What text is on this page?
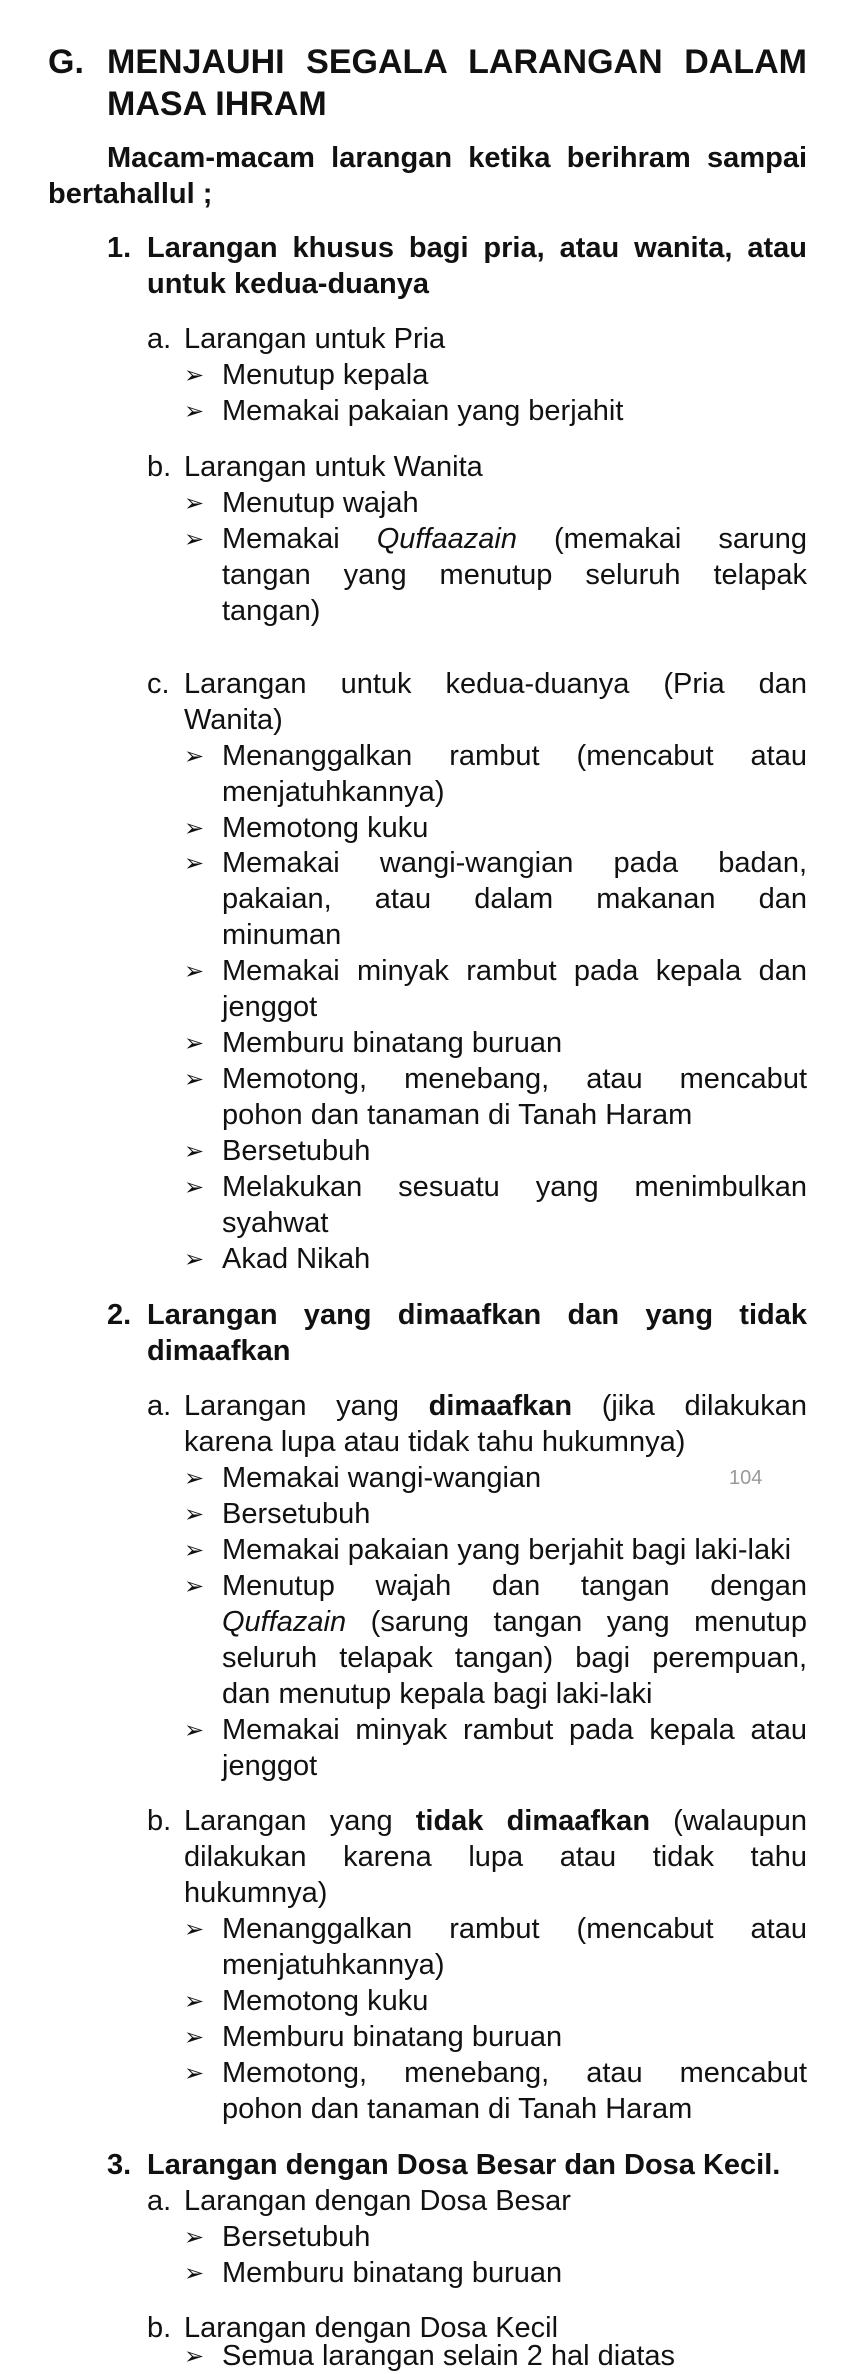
G. MENJAUHI SEGALA LARANGAN DALAM
MASA IHRAM
Macam-macam larangan ketika berihram sampai
bertahallul ;
1. Larangan khusus bagi pria, atau wanita, atau
untuk kedua-duanya
a. Larangan untuk Pria
➢ Menutup kepala
➢ Memakai pakaian yang berjahit
b. Larangan untuk Wanita
➢ Menutup wajah
➢ Memakai Quffaazain (memakai sarung
tangan yang menutup seluruh telapak
tangan)
c. Larangan untuk kedua-duanya (Pria dan
Wanita)
➢ Menanggalkan rambut (mencabut atau
menjatuhkannya)
➢ Memotong kuku
➢ Memakai wangi-wangian pada badan,
pakaian, atau dalam makanan dan
minuman
➢ Memakai minyak rambut pada kepala dan
jenggot
➢ Memburu binatang buruan
➢ Memotong, menebang, atau mencabut
pohon dan tanaman di Tanah Haram
➢ Bersetubuh
➢ Melakukan sesuatu yang menimbulkan
syahwat
➢ Akad Nikah
2. Larangan yang dimaafkan dan yang tidak
dimaafkan
a. Larangan yang dimaafkan (jika dilakukan
karena lupa atau tidak tahu hukumnya)
➢ Memakai wangi-wangian	104
➢ Bersetubuh
➢ Memakai pakaian yang berjahit bagi laki-laki
➢ Menutup wajah dan tangan dengan
Quffazain (sarung tangan yang menutup
seluruh telapak tangan) bagi perempuan,
dan menutup kepala bagi laki-laki
➢ Memakai minyak rambut pada kepala atau
jenggot
b. Larangan yang tidak dimaafkan (walaupun
dilakukan karena lupa atau tidak tahu
hukumnya)
➢ Menanggalkan rambut (mencabut atau
menjatuhkannya)
➢ Memotong kuku
➢ Memburu binatang buruan
➢ Memotong, menebang, atau mencabut
pohon dan tanaman di Tanah Haram
3. Larangan dengan Dosa Besar dan Dosa Kecil.
a. Larangan dengan Dosa Besar
➢ Bersetubuh
➢ Memburu binatang buruan
b. Larangan dengan Dosa Kecil
➢ Semua larangan selain 2 hal diatas
